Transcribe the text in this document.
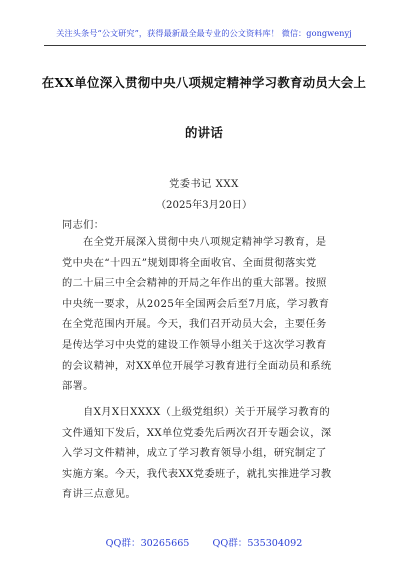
关注头条号“公文研究”，获得最新最全最专业的公文资料库！ 微信：gongwenyj
在XX单位深入贯彻中央八项规定精神学习教育动员大会上
的讲话
党委书记 XXX
（2025年3月20日）
同志们：
在全党开展深入贯彻中央八项规定精神学习教育，是
党中央在“十四五”规划即将全面收官、全面贯彻落实党
的二十届三中全会精神的开局之年作出的重大部署。按照
中央统一要求，从2025年全国两会后至7月底，学习教育
在全党范围内开展。今天，我们召开动员大会，主要任务
是传达学习中央党的建设工作领导小组关于这次学习教育
的会议精神，对XX单位开展学习教育进行全面动员和系统
部署。
自X月X日XXXX（上级党组织）关于开展学习教育的
文件通知下发后，XX单位党委先后两次召开专题会议，深
入学习文件精神，成立了学习教育领导小组，研究制定了
实施方案。今天，我代表XX党委班子，就扎实推进学习教
育讲三点意见。
QQ群：30265665 QQ群：535304092
